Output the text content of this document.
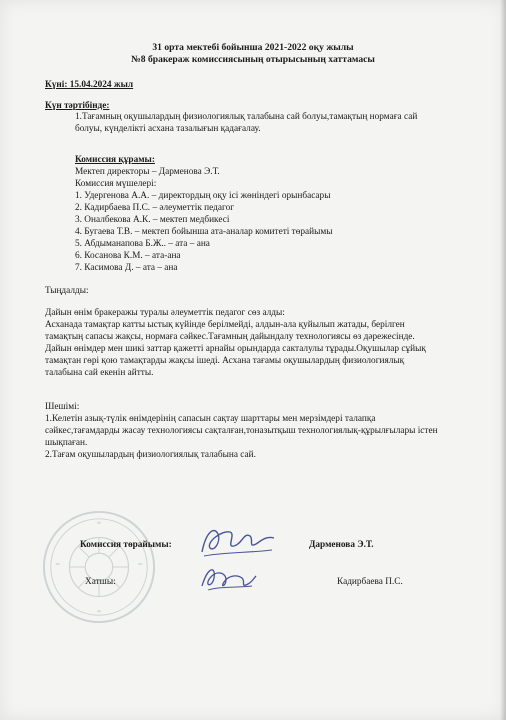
31 орта мектебі бойынша 2021-2022 оқу жылы
№8 бракераж комиссиясының отырысының хаттамасы
Күні: 15.04.2024 жыл
Күн тәртібінде:
1.Тағамның оқушылардың физиологиялық талабына сай болуы,тамақтың нормаға сай
болуы, күнделікті асхана тазалығын қадағалау.
Комиссия құрамы:
Мектеп директоры – Дарменова Э.Т.
Комиссия мүшелері:
1. Удергенова А.А. – директордың оқу ісі жөніндегі орынбасары
2. Кадирбаева П.С. – әлеуметтік педагог
3. Оналбекова А.К. – мектеп медбикесі
4. Бугаева Т.В. – мектеп бойынша ата-аналар комитеті төрайымы
5. Абдыманапова Б.Ж.. – ата – ана
6. Косанова К.М. – ата-ана
7. Касимова Д. – ата – ана
Тыңдалды:
Дайын өнім бракеражы туралы әлеуметтік педагог сөз алды:
Асханада тамақтар катты ыстық күйінде берілмейді, алдын-ала қуйылып жатады, берілген
тамақтың сапасы жақсы, нормаға сәйкес.Тағамның дайындалу технологиясы өз дәрежесінде.
Дайын өнімдер мен шикі заттар қажетті арнайы орындарда сакталулы тұрады.Оқушылар сұйық
тамақтан гөрі қою тамақтарды жақсы ішеді. Асхана тағамы оқушылардың физиологиялық
талабына сай екенін айтты.
Шешімі:
1.Келетін азық-түлік өнімдерінің сапасын сақтау шарттары мен мерзімдері талапқа
сәйкес,тағамдарды жасау технологиясы сақталған,тоназытқыш технологиялық-құрылғылары істен
шықпаған.
2.Тағам оқушылардың физиологиялық талабына сай.
Комиссия төрайымы:	Дарменова Э.Т.
Хатшы:	Кадирбаева П.С.
